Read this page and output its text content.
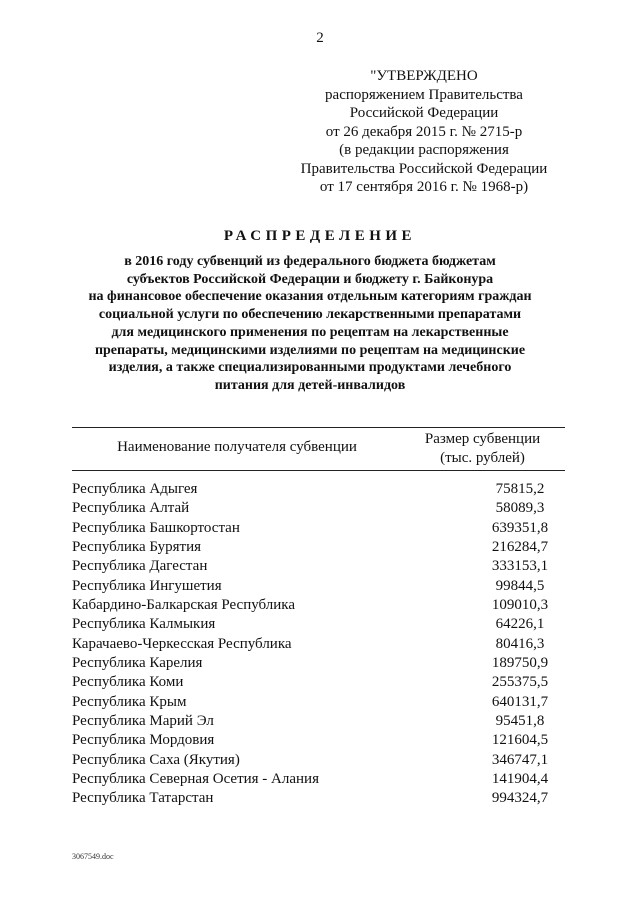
2
"УТВЕРЖДЕНО
распоряжением Правительства
Российской Федерации
от 26 декабря 2015 г. № 2715-р
(в редакции распоряжения
Правительства Российской Федерации
от 17 сентября 2016 г. № 1968-р)
РАСПРЕДЕЛЕНИЕ
в 2016 году субвенций из федерального бюджета бюджетам
субъектов Российской Федерации и бюджету г. Байконура
на финансовое обеспечение оказания отдельным категориям граждан
социальной услуги по обеспечению лекарственными препаратами
для медицинского применения по рецептам на лекарственные
препараты, медицинскими изделиями по рецептам на медицинские
изделия, а также специализированными продуктами лечебного
питания для детей-инвалидов
Наименование получателя субвенции	Размер субвенции
(тыс. рублей)
Республика Адыгея	75815,2
Республика Алтай	58089,3
Республика Башкортостан	639351,8
Республика Бурятия	216284,7
Республика Дагестан	333153,1
Республика Ингушетия	99844,5
Кабардино-Балкарская Республика	109010,3
Республика Калмыкия	64226,1
Карачаево-Черкесская Республика	80416,3
Республика Карелия	189750,9
Республика Коми	255375,5
Республика Крым	640131,7
Республика Марий Эл	95451,8
Республика Мордовия	121604,5
Республика Саха (Якутия)	346747,1
Республика Северная Осетия - Алания	141904,4
Республика Татарстан	994324,7
3067549.doc
